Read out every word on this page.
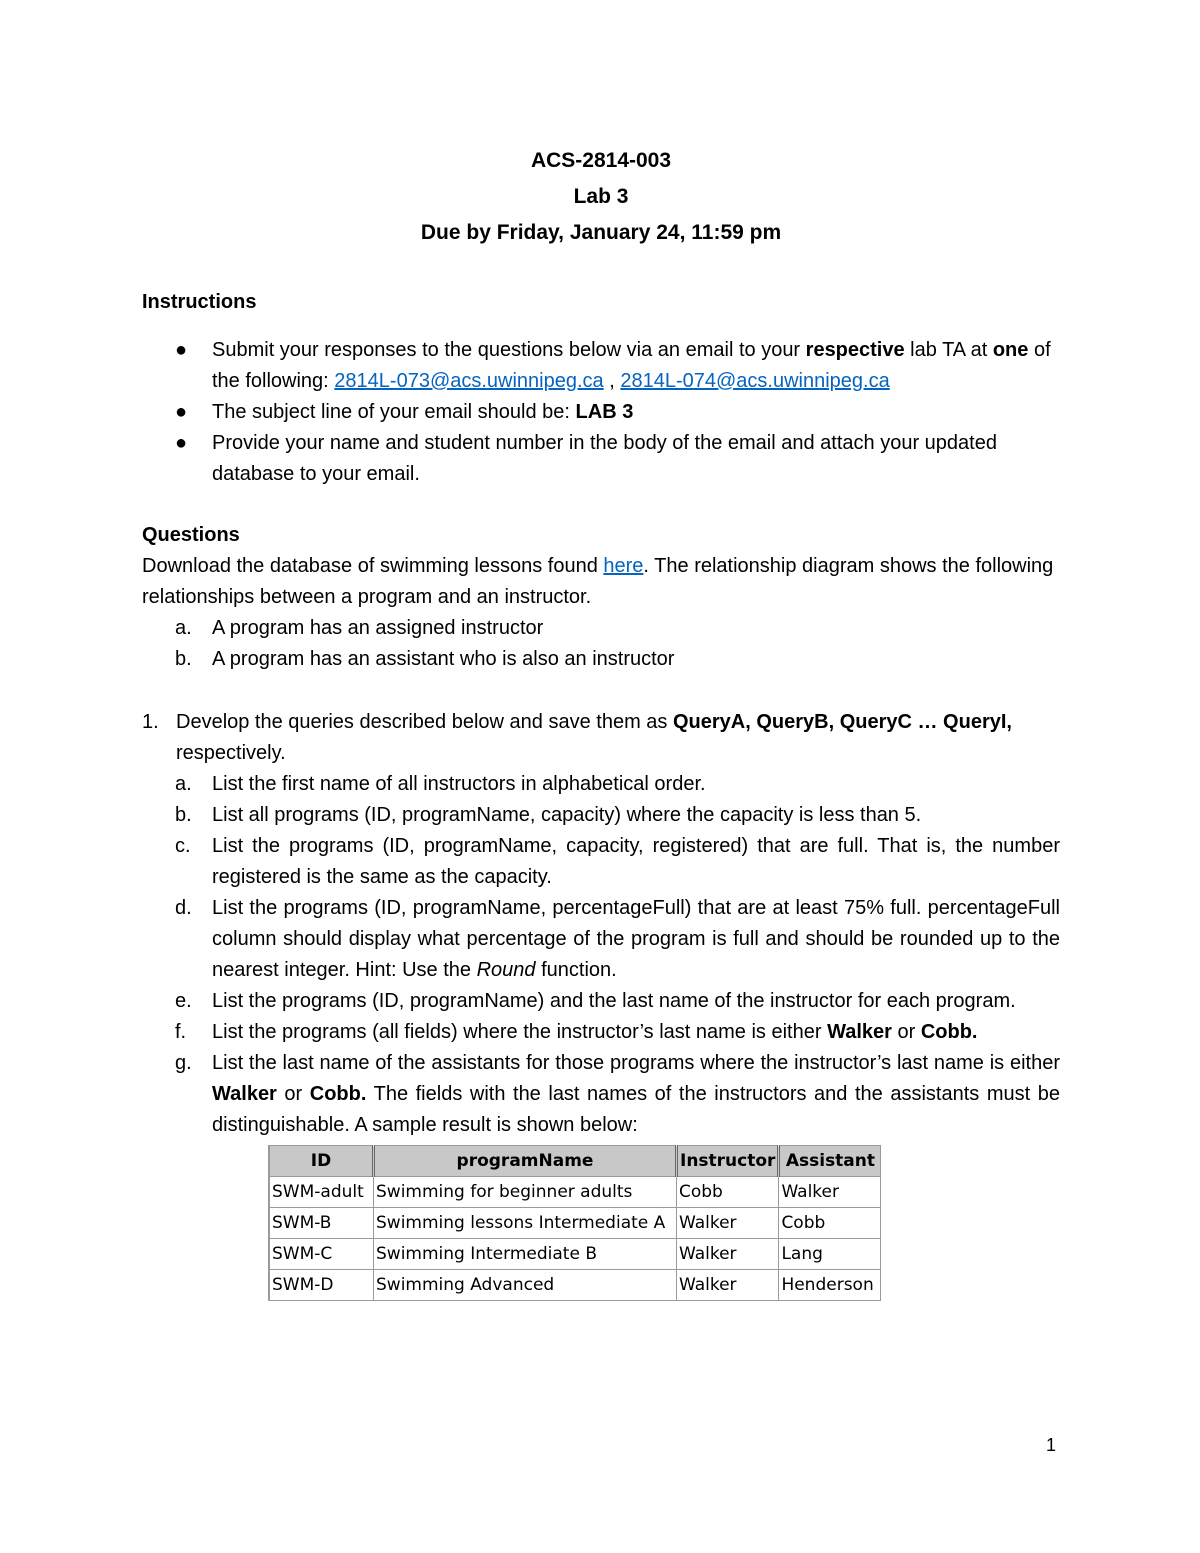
ACS-2814-003
Lab 3
Due by Friday, January 24, 11:59 pm
Instructions
●	Submit your responses to the questions below via an email to your respective lab TA at one of the following: 2814L-073@acs.uwinnipeg.ca , 2814L-074@acs.uwinnipeg.ca
●	The subject line of your email should be: LAB 3
●	Provide your name and student number in the body of the email and attach your updated database to your email.
Questions
Download the database of swimming lessons found here. The relationship diagram shows the following relationships between a program and an instructor.
a. A program has an assigned instructor
b. A program has an assistant who is also an instructor
1. Develop the queries described below and save them as QueryA, QueryB, QueryC … QueryI, respectively.
a. List the first name of all instructors in alphabetical order.
b. List all programs (ID, programName, capacity) where the capacity is less than 5.
c. List the programs (ID, programName, capacity, registered) that are full. That is, the number registered is the same as the capacity.
d. List the programs (ID, programName, percentageFull) that are at least 75% full. percentageFull column should display what percentage of the program is full and should be rounded up to the nearest integer. Hint: Use the Round function.
e. List the programs (ID, programName) and the last name of the instructor for each program.
f. List the programs (all fields) where the instructor’s last name is either Walker or Cobb.
g. List the last name of the assistants for those programs where the instructor’s last name is either Walker or Cobb. The fields with the last names of the instructors and the assistants must be distinguishable. A sample result is shown below:
ID	programName	Instructor	Assistant
SWM-adult	Swimming for beginner adults	Cobb	Walker
SWM-B	Swimming lessons Intermediate A	Walker	Cobb
SWM-C	Swimming Intermediate B	Walker	Lang
SWM-D	Swimming Advanced	Walker	Henderson
1
